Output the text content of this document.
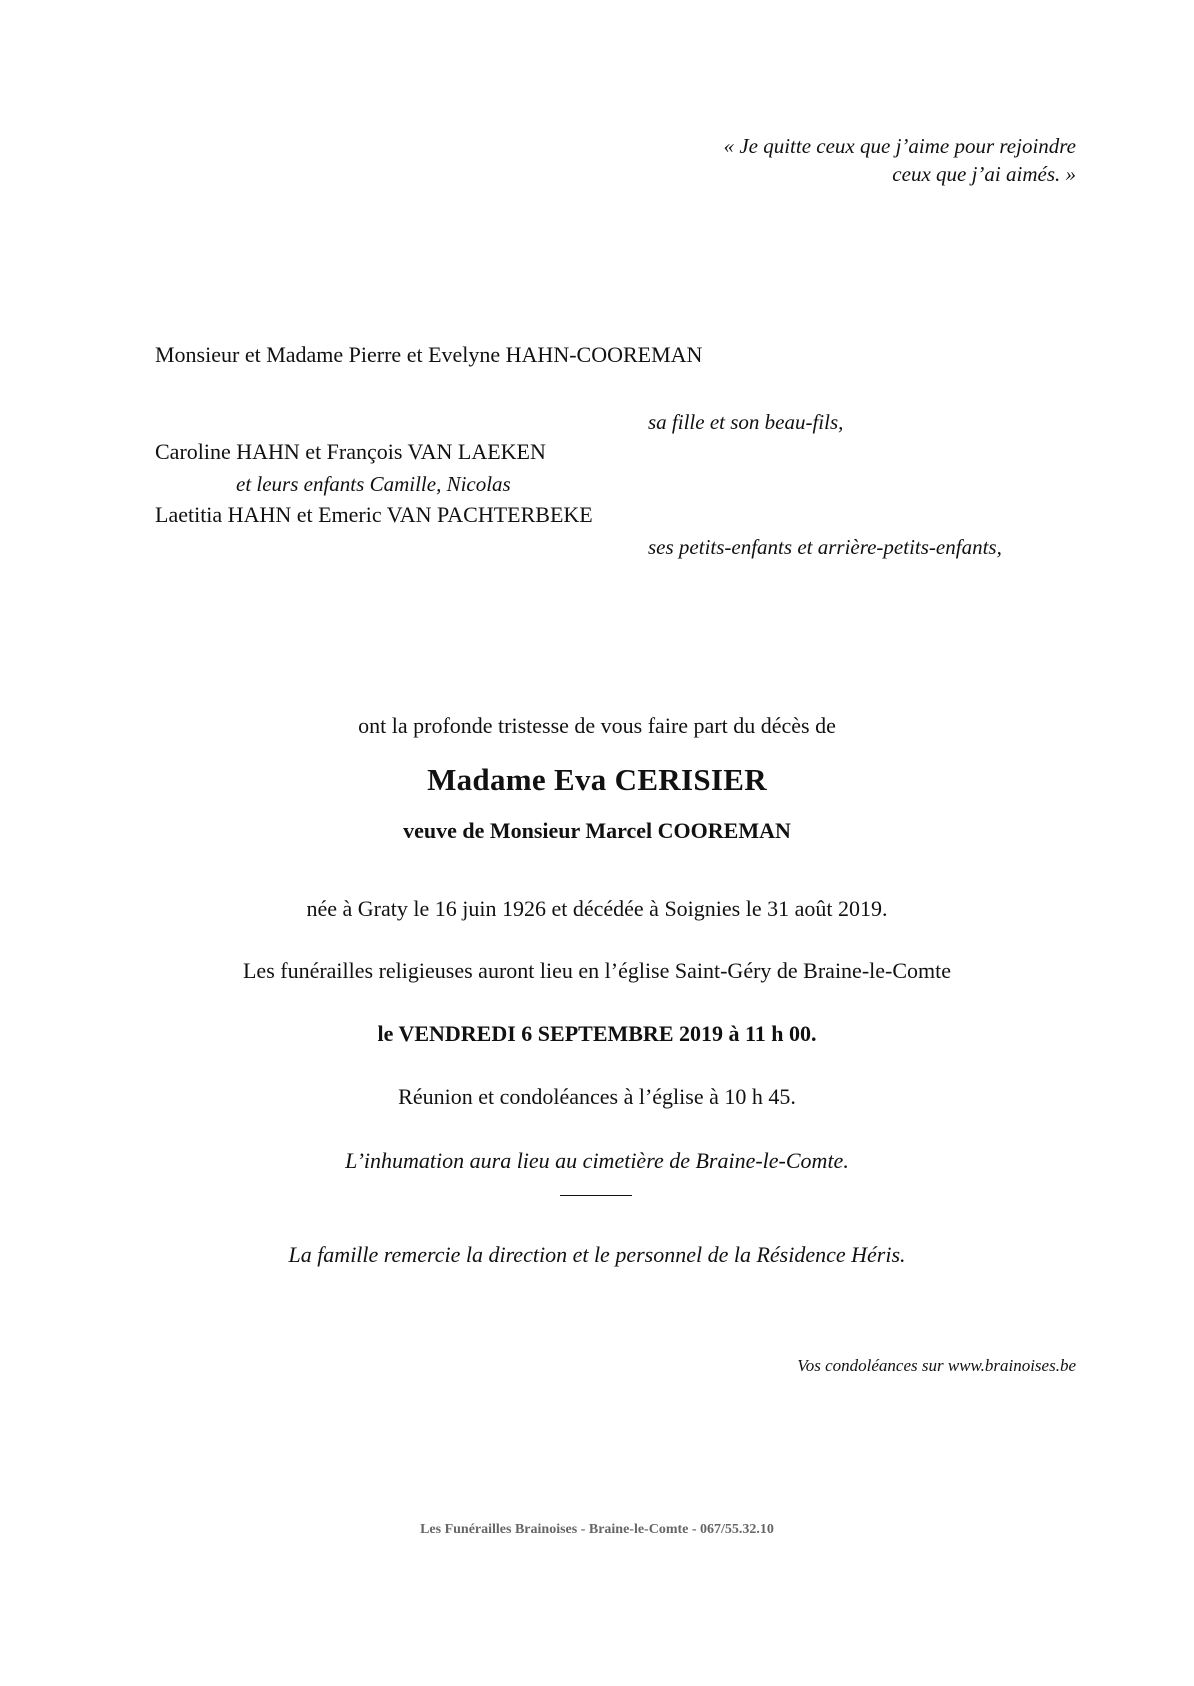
« Je quitte ceux que j’aime pour rejoindre
ceux que j’ai aimés. »
Monsieur et Madame Pierre et Evelyne HAHN-COOREMAN
sa fille et son beau-fils,
Caroline HAHN et François VAN LAEKEN
et leurs enfants Camille, Nicolas
Laetitia HAHN et Emeric VAN PACHTERBEKE
ses petits-enfants et arrière-petits-enfants,
ont la profonde tristesse de vous faire part du décès de
Madame Eva CERISIER
veuve de Monsieur Marcel COOREMAN
née à Graty le 16 juin 1926 et décédée à Soignies le 31 août 2019.
Les funérailles religieuses auront lieu en l’église Saint-Géry de Braine-le-Comte
le VENDREDI 6 SEPTEMBRE 2019 à 11 h 00.
Réunion et condoléances à l’église à 10 h 45.
L’inhumation aura lieu au cimetière de Braine-le-Comte.
La famille remercie la direction et le personnel de la Résidence Héris.
Vos condoléances sur www.brainoises.be
Les Funérailles Brainoises - Braine-le-Comte - 067/55.32.10
